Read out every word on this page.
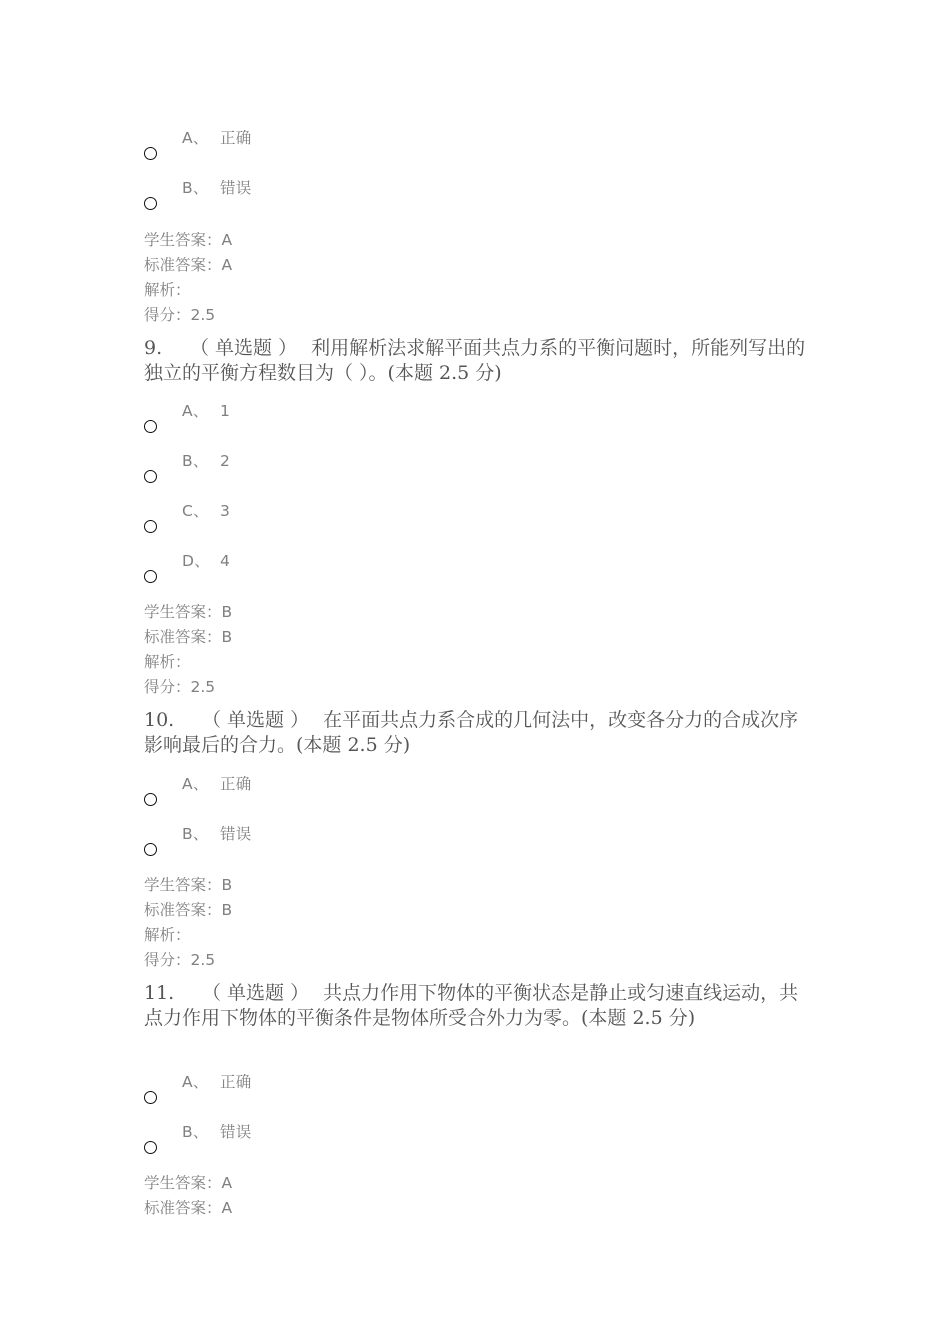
A、 正确
B、 错误
学生答案：A
标准答案：A
解析：
得分：2.5
9. （ 单选题 ） 利用解析法求解平面共点力系的平衡问题时，所能列写出的独立的平衡方程数目为（ ）。(本题 2.5 分)
A、 1
B、 2
C、 3
D、 4
学生答案：B
标准答案：B
解析：
得分：2.5
10. （ 单选题 ） 在平面共点力系合成的几何法中，改变各分力的合成次序影响最后的合力。(本题 2.5 分)
A、 正确
B、 错误
学生答案：B
标准答案：B
解析：
得分：2.5
11. （ 单选题 ） 共点力作用下物体的平衡状态是静止或匀速直线运动，共点力作用下物体的平衡条件是物体所受合外力为零。(本题 2.5 分)
A、 正确
B、 错误
学生答案：A
标准答案：A
